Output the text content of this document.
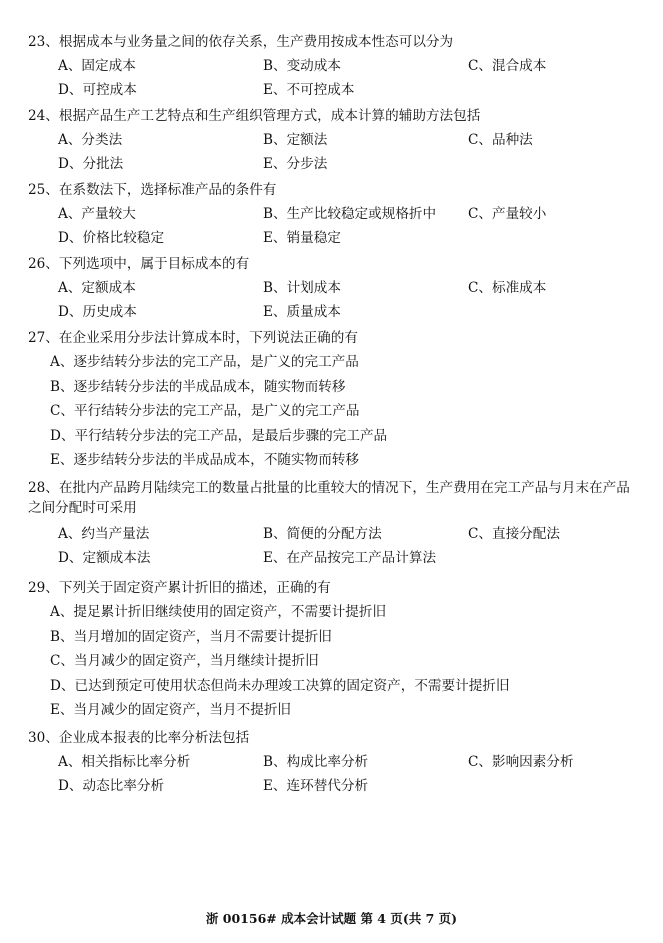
23、根据成本与业务量之间的依存关系，生产费用按成本性态可以分为
A、固定成本	B、变动成本	C、混合成本
D、可控成本	E、不可控成本
24、根据产品生产工艺特点和生产组织管理方式，成本计算的辅助方法包括
A、分类法	B、定额法	C、品种法
D、分批法	E、分步法
25、在系数法下，选择标准产品的条件有
A、产量较大	B、生产比较稳定或规格折中 C、产量较小
D、价格比较稳定	E、销量稳定
26、下列选项中，属于目标成本的有
A、定额成本	B、计划成本	C、标准成本
D、历史成本	E、质量成本
27、在企业采用分步法计算成本时，下列说法正确的有
A、逐步结转分步法的完工产品，是广义的完工产品
B、逐步结转分步法的半成品成本，随实物而转移
C、平行结转分步法的完工产品，是广义的完工产品
D、平行结转分步法的完工产品，是最后步骤的完工产品
E、逐步结转分步法的半成品成本，不随实物而转移
28、在批内产品跨月陆续完工的数量占批量的比重较大的情况下，生产费用在完工产品与月末在产品之间分配时可采用
A、约当产量法	B、简便的分配方法	C、直接分配法
D、定额成本法	E、在产品按完工产品计算法
29、下列关于固定资产累计折旧的描述，正确的有
A、提足累计折旧继续使用的固定资产，不需要计提折旧
B、当月增加的固定资产，当月不需要计提折旧
C、当月减少的固定资产，当月继续计提折旧
D、已达到预定可使用状态但尚未办理竣工决算的固定资产，不需要计提折旧
E、当月减少的固定资产，当月不提折旧
30、企业成本报表的比率分析法包括
A、相关指标比率分析	B、构成比率分析	C、影响因素分析
D、动态比率分析	E、连环替代分析
浙 00156# 成本会计试题 第 4 页(共 7 页)
